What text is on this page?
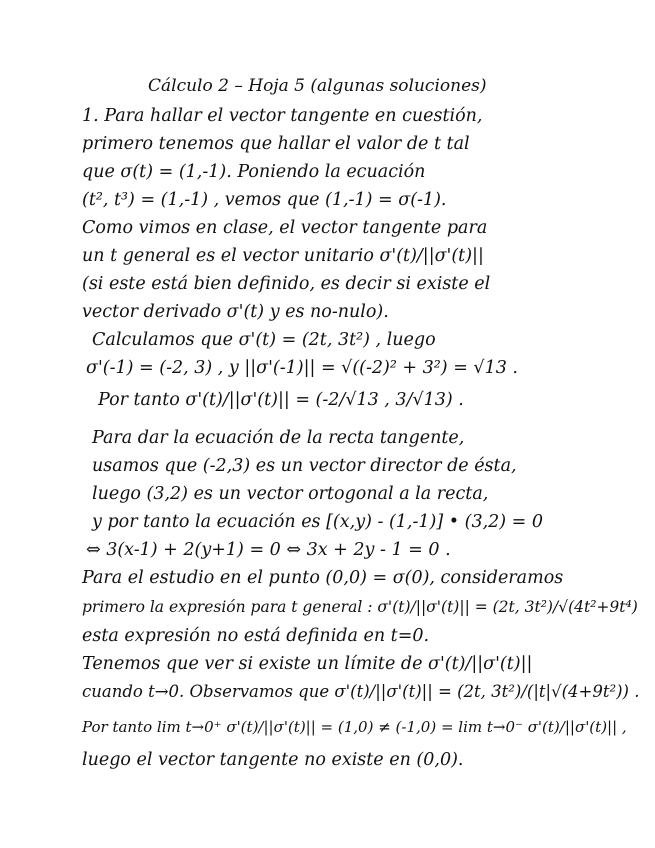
Cálculo 2 – Hoja 5 (algunas soluciones)
1. Para hallar el vector tangente en cuestión,
primero tenemos que hallar el valor de t tal
que σ(t) = (1,-1). Poniendo la ecuación
(t², t³) = (1,-1) , vemos que (1,-1) = σ(-1).
Como vimos en clase, el vector tangente para
un t general es el vector unitario σ'(t)/||σ'(t)||
(si este está bien definido, es decir si existe el
vector derivado σ'(t) y es no-nulo).
Calculamos que σ'(t) = (2t, 3t²) , luego
σ'(-1) = (-2, 3) , y ||σ'(-1)|| = √((-2)² + 3²) = √13 .
Por tanto σ'(t)/||σ'(t)|| = (-2/√13 , 3/√13) .
Para dar la ecuación de la recta tangente,
usamos que (-2,3) es un vector director de ésta,
luego (3,2) es un vector ortogonal a la recta,
y por tanto la ecuación es [(x,y) - (1,-1)] • (3,2) = 0
⇔ 3(x-1) + 2(y+1) = 0 ⇔ 3x + 2y - 1 = 0 .
Para el estudio en el punto (0,0) = σ(0), consideramos
primero la expresión para t general : σ'(t)/||σ'(t)|| = (2t, 3t²)/√(4t²+9t⁴)
esta expresión no está definida en t=0.
Tenemos que ver si existe un límite de σ'(t)/||σ'(t)||
cuando t→0. Observamos que σ'(t)/||σ'(t)|| = (2t, 3t²)/(|t|√(4+9t²)) .
Por tanto lim t→0⁺ σ'(t)/||σ'(t)|| = (1,0) ≠ (-1,0) = lim t→0⁻ σ'(t)/||σ'(t)|| ,
luego el vector tangente no existe en (0,0).
